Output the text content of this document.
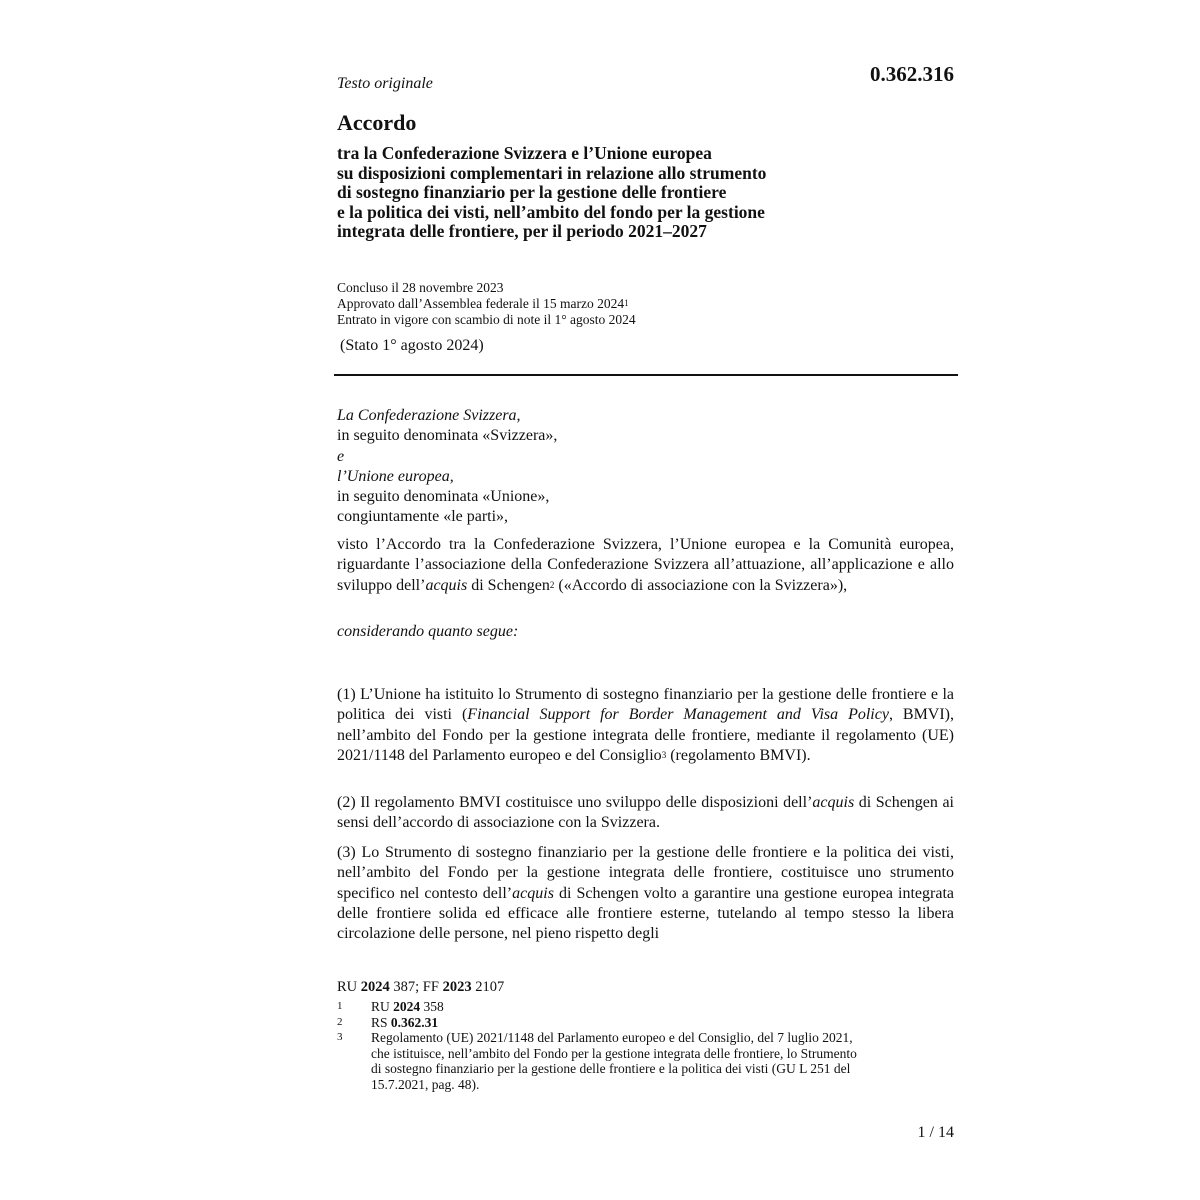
Testo originale	0.362.316
Accordo
tra la Confederazione Svizzera e l’Unione europea
su disposizioni complementari in relazione allo strumento
di sostegno finanziario per la gestione delle frontiere
e la politica dei visti, nell’ambito del fondo per la gestione
integrata delle frontiere, per il periodo 2021–2027
Concluso il 28 novembre 2023
Approvato dall’Assemblea federale il 15 marzo 2024$^1$
Entrato in vigore con scambio di note il 1° agosto 2024
(Stato 1° agosto 2024)
La Confederazione Svizzera,
in seguito denominata «Svizzera»,
e
l’Unione europea,
in seguito denominata «Unione»,
congiuntamente «le parti»,
visto l’Accordo tra la Confederazione Svizzera, l’Unione europea e la Comunità europea, riguardante l’associazione della Confederazione Svizzera all’attuazione, all’applicazione e allo sviluppo dell’acquis di Schengen$^2$ («Accordo di associazione con la Svizzera»),
considerando quanto segue:
(1) L’Unione ha istituito lo Strumento di sostegno finanziario per la gestione delle frontiere e la politica dei visti (Financial Support for Border Management and Visa Policy, BMVI), nell’ambito del Fondo per la gestione integrata delle frontiere, mediante il regolamento (UE) 2021/1148 del Parlamento europeo e del Consiglio$^3$ (regolamento BMVI).
(2) Il regolamento BMVI costituisce uno sviluppo delle disposizioni dell’acquis di Schengen ai sensi dell’accordo di associazione con la Svizzera.
(3) Lo Strumento di sostegno finanziario per la gestione delle frontiere e la politica dei visti, nell’ambito del Fondo per la gestione integrata delle frontiere, costituisce uno strumento specifico nel contesto dell’acquis di Schengen volto a garantire una gestione europea integrata delle frontiere solida ed efficace alle frontiere esterne, tutelando al tempo stesso la libera circolazione delle persone, nel pieno rispetto degli
RU 2024 387; FF 2023 2107
1	RU 2024 358
2	RS 0.362.31
3	Regolamento (UE) 2021/1148 del Parlamento europeo e del Consiglio, del 7 luglio 2021,
che istituisce, nell’ambito del Fondo per la gestione integrata delle frontiere, lo Strumento
di sostegno finanziario per la gestione delle frontiere e la politica dei visti (GU L 251 del
15.7.2021, pag. 48).
1 / 14
